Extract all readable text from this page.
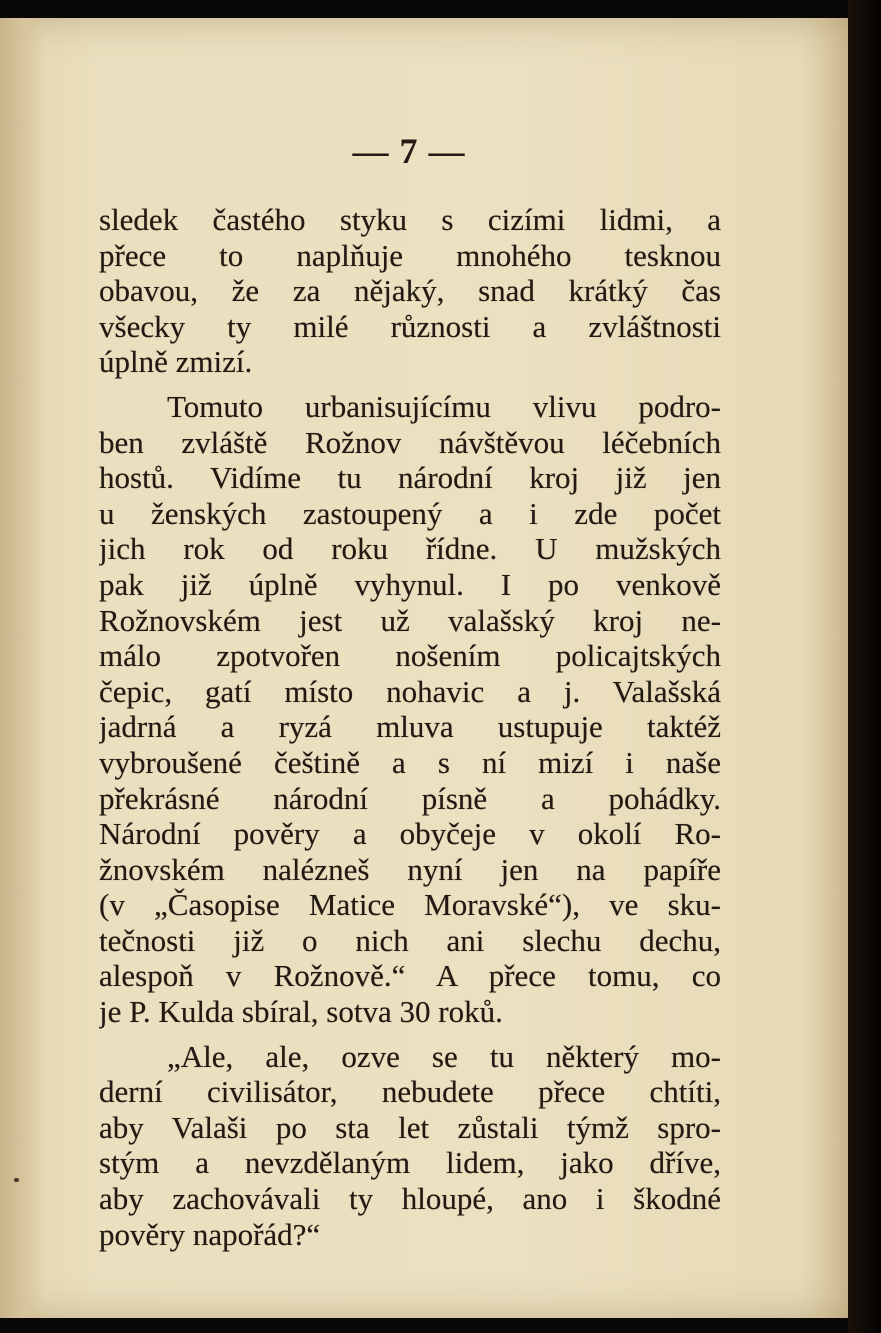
— 7 —
sledek častého styku s cizími lidmi, a
přece to naplňuje mnohého tesknou
obavou, že za nějaký, snad krátký čas
všecky ty milé různosti a zvláštnosti
úplně zmizí.
Tomuto urbanisujícímu vlivu podro-
ben zvláště Rožnov návštěvou léčebních
hostů. Vidíme tu národní kroj již jen
u ženských zastoupený a i zde počet
jich rok od roku řídne. U mužských
pak již úplně vyhynul. I po venkově
Rožnovském jest už valašský kroj ne-
málo zpotvořen nošením policajtských
čepic, gatí místo nohavic a j. Valašská
jadrná a ryzá mluva ustupuje taktéž
vybroušené češtině a s ní mizí i naše
překrásné národní písně a pohádky.
Národní pověry a obyčeje v okolí Ro-
žnovském nalézneš nyní jen na papíře
(v „Časopise Matice Moravské“), ve sku-
tečnosti již o nich ani slechu dechu,
alespoň v Rožnově.“ A přece tomu, co
je P. Kulda sbíral, sotva 30 roků.
„Ale, ale, ozve se tu některý mo-
derní civilisátor, nebudete přece chtíti,
aby Valaši po sta let zůstali týmž spro-
stým a nevzdělaným lidem, jako dříve,
aby zachovávali ty hloupé, ano i škodné
pověry napořád?“
